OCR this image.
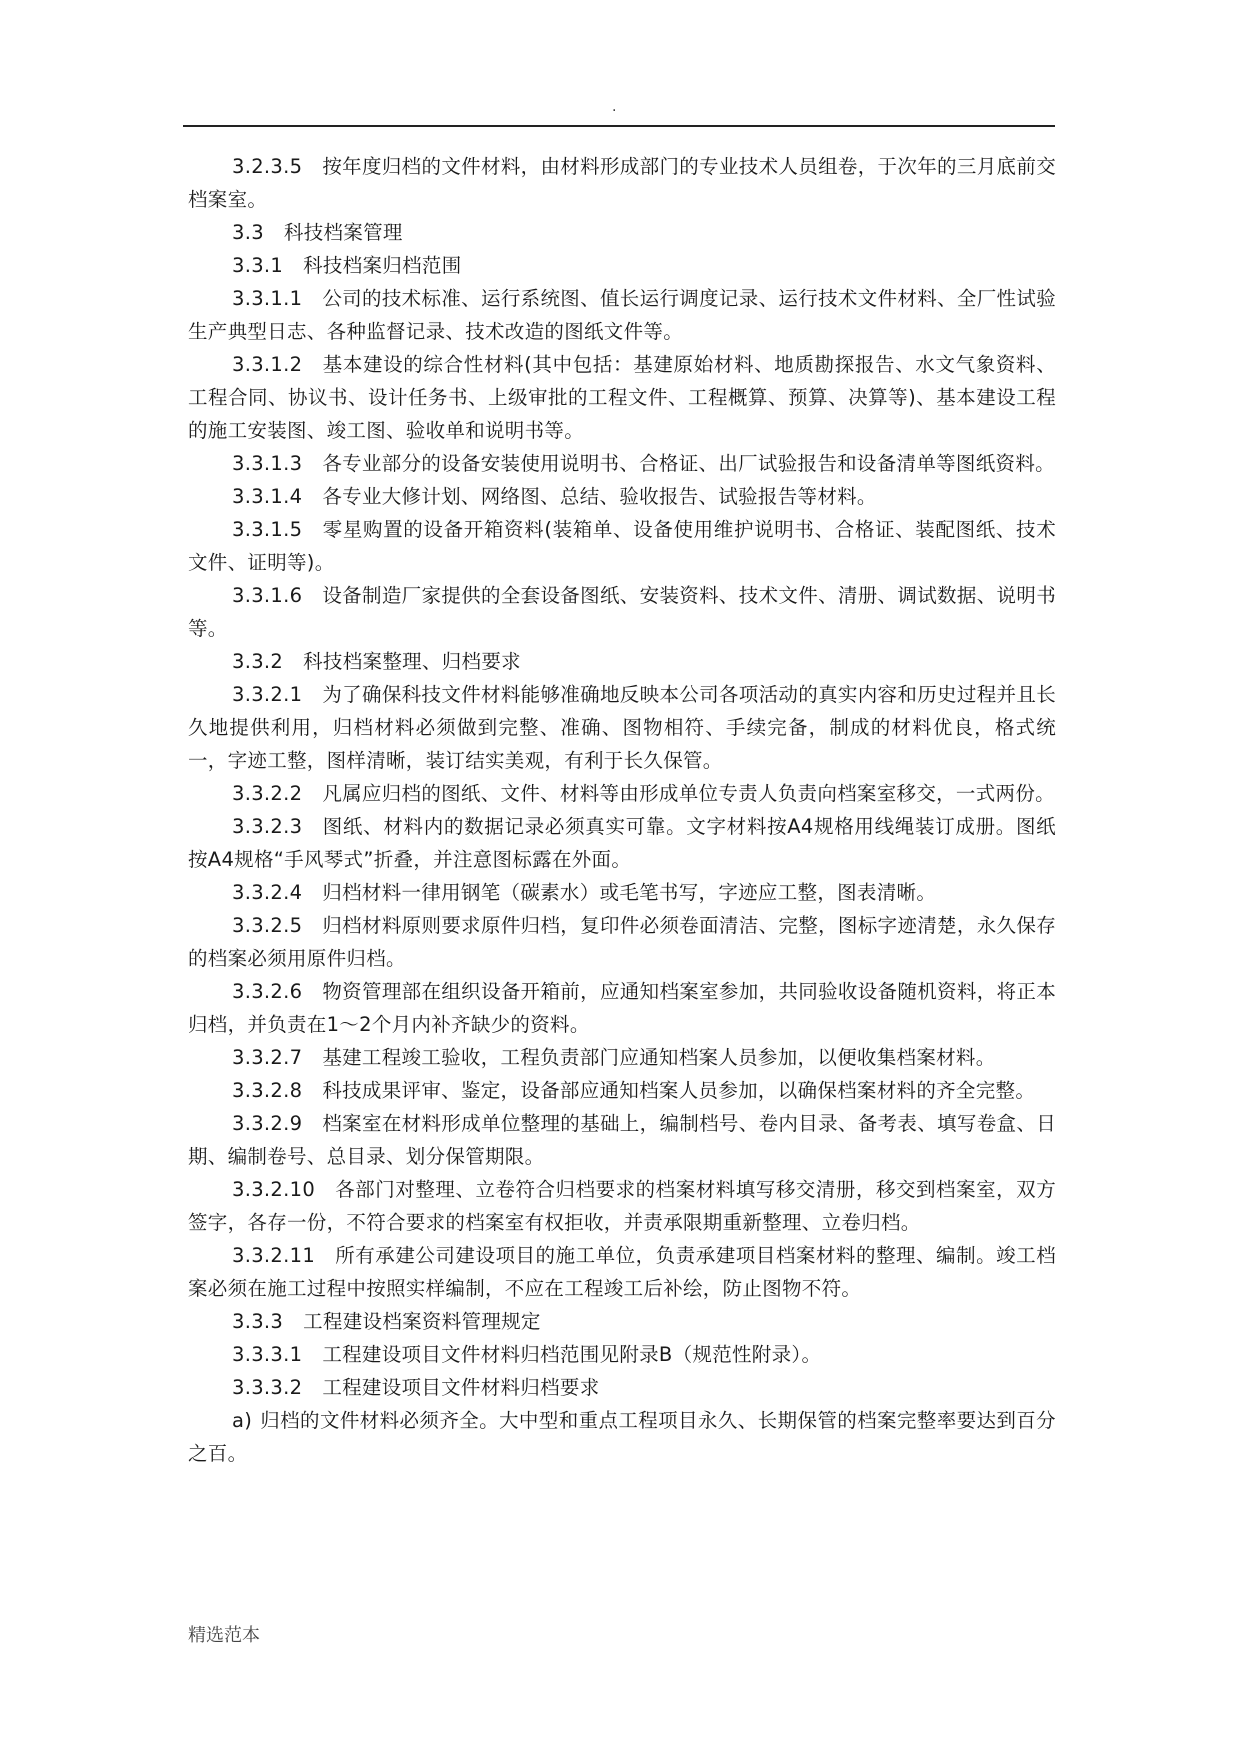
.

3.2.3.5 按年度归档的文件材料，由材料形成部门的专业技术人员组卷，于次年的三月底前交档案室。

3.3 科技档案管理

3.3.1 科技档案归档范围

3.3.1.1 公司的技术标准、运行系统图、值长运行调度记录、运行技术文件材料、全厂性试验生产典型日志、各种监督记录、技术改造的图纸文件等。

3.3.1.2 基本建设的综合性材料(其中包括：基建原始材料、地质勘探报告、水文气象资料、工程合同、协议书、设计任务书、上级审批的工程文件、工程概算、预算、决算等)、基本建设工程的施工安装图、竣工图、验收单和说明书等。

3.3.1.3 各专业部分的设备安装使用说明书、合格证、出厂试验报告和设备清单等图纸资料。

3.3.1.4 各专业大修计划、网络图、总结、验收报告、试验报告等材料。

3.3.1.5 零星购置的设备开箱资料(装箱单、设备使用维护说明书、合格证、装配图纸、技术文件、证明等)。

3.3.1.6 设备制造厂家提供的全套设备图纸、安装资料、技术文件、清册、调试数据、说明书等。

3.3.2 科技档案整理、归档要求

3.3.2.1 为了确保科技文件材料能够准确地反映本公司各项活动的真实内容和历史过程并且长久地提供利用，归档材料必须做到完整、准确、图物相符、手续完备，制成的材料优良，格式统一，字迹工整，图样清晰，装订结实美观，有利于长久保管。

3.3.2.2 凡属应归档的图纸、文件、材料等由形成单位专责人负责向档案室移交，一式两份。

3.3.2.3 图纸、材料内的数据记录必须真实可靠。文字材料按A4规格用线绳装订成册。图纸按A4规格“手风琴式”折叠，并注意图标露在外面。

3.3.2.4 归档材料一律用钢笔（碳素水）或毛笔书写，字迹应工整，图表清晰。

3.3.2.5 归档材料原则要求原件归档，复印件必须卷面清洁、完整，图标字迹清楚，永久保存的档案必须用原件归档。

3.3.2.6 物资管理部在组织设备开箱前，应通知档案室参加，共同验收设备随机资料，将正本归档，并负责在1～2个月内补齐缺少的资料。

3.3.2.7 基建工程竣工验收，工程负责部门应通知档案人员参加，以便收集档案材料。

3.3.2.8 科技成果评审、鉴定，设备部应通知档案人员参加，以确保档案材料的齐全完整。

3.3.2.9 档案室在材料形成单位整理的基础上，编制档号、卷内目录、备考表、填写卷盒、日期、编制卷号、总目录、划分保管期限。

3.3.2.10 各部门对整理、立卷符合归档要求的档案材料填写移交清册，移交到档案室，双方签字，各存一份，不符合要求的档案室有权拒收，并责承限期重新整理、立卷归档。

3.3.2.11 所有承建公司建设项目的施工单位，负责承建项目档案材料的整理、编制。竣工档案必须在施工过程中按照实样编制，不应在工程竣工后补绘，防止图物不符。

3.3.3 工程建设档案资料管理规定

3.3.3.1 工程建设项目文件材料归档范围见附录B（规范性附录）。

3.3.3.2 工程建设项目文件材料归档要求

a) 归档的文件材料必须齐全。大中型和重点工程项目永久、长期保管的档案完整率要达到百分之百。

精选范本
